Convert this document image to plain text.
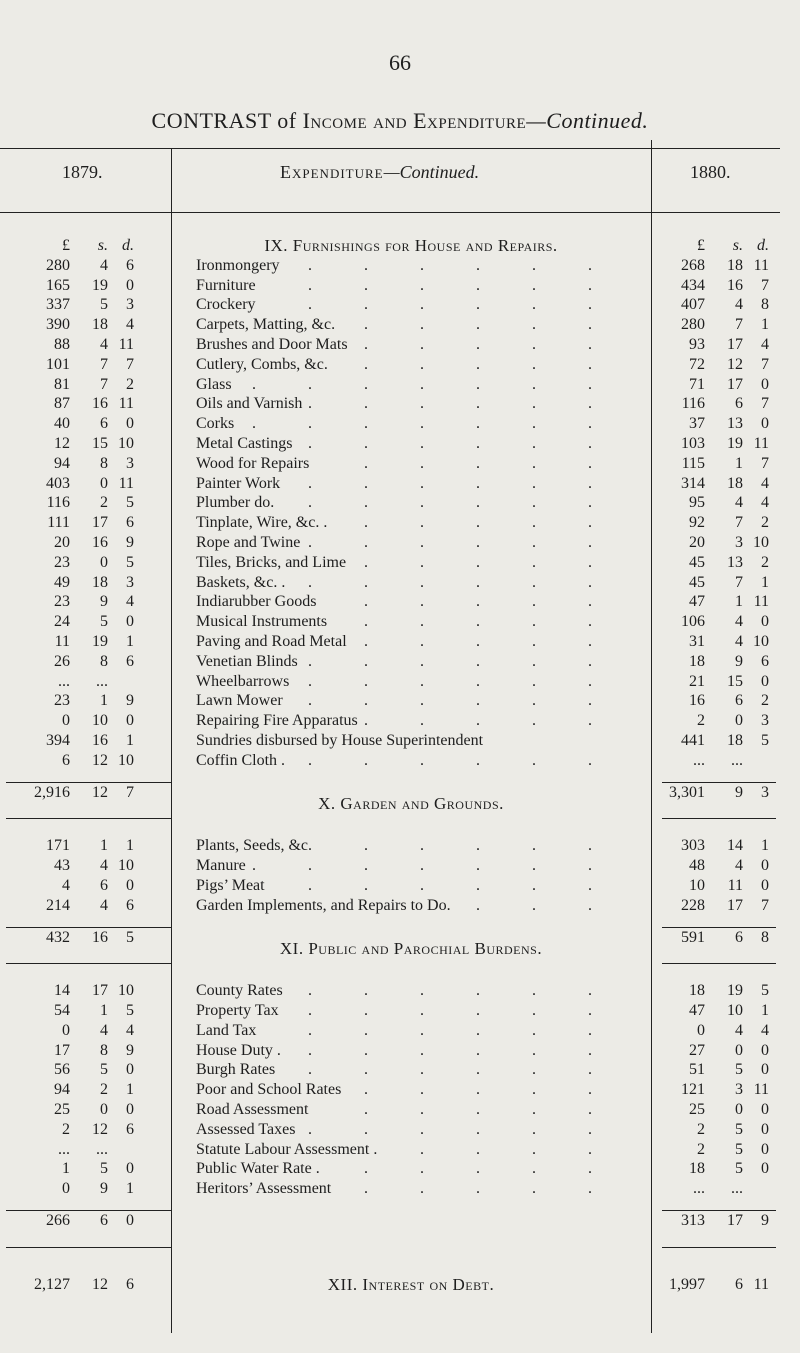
66
CONTRAST of Income and Expenditure—Continued.
1879.	Expenditure—Continued.	1880.
£	s. d.	£	s. d.
IX. Furnishings for House and Repairs.
280	4	6	Ironmongery . . .	268	18 11
165	19	0	Furniture . . .	434	16	7
337	5	3	Crockery . . .	407	4	8
390	18	4	Carpets, Matting, &c. . . .	280	7	1
88	4 11	Brushes and Door Mats . . .	93	17	4
101	7	7	Cutlery, Combs, &c. . . .	72	12	7
81	7	2	Glass . . .	71	17	0
87	16 11	Oils and Varnish . . .	116	6	7
40	6	0	Corks . . .	37	13	0
12	15 10	Metal Castings . . .	103	19 11
94	8	3	Wood for Repairs . . .	115	1	7
403	0 11	Painter Work . . .	314	18	4
116	2	5	Plumber do. . . .	95	4	4
111	17	6	Tinplate, Wire, &c. . . . .	92	7	2
20	16	9	Rope and Twine . . .	20	3 10
23	0	5	Tiles, Bricks, and Lime . . .	45	13	2
49	18	3	Baskets, &c. . . . .	45	7	1
23	9	4	Indiarubber Goods . . .	47	1 11
24	5	0	Musical Instruments . . .	106	4	0
11	19	1	Paving and Road Metal . . .	31	4 10
26	8	6	Venetian Blinds . . .	18	9	6
...	...	Wheelbarrows . . .	21	15	0
23	1	9	Lawn Mower . . .	16	6	2
0	10	0	Repairing Fire Apparatus . . .	2	0	3
394	16	1	Sundries disbursed by House Superintendent	441	18	5
6	12 10	Coffin Cloth . . . .	...	...
2,916	12	7	3,301	9	3
X. Garden and Grounds.
171	1	1	Plants, Seeds, &c. . . .	303	14	1
43	4 10	Manure . . .	48	4	0
4	6	0	Pigs’ Meat . . .	10	11	0
214	4	6	Garden Implements, and Repairs to Do. . . .	228	17	7
432	16	5	591	6	8
XI. Public and Parochial Burdens.
14	17 10	County Rates . . .	18	19	5
54	1	5	Property Tax . . .	47	10	1
0	4	4	Land Tax . . .	0	4	4
17	8	9	House Duty . . . .	27	0	0
56	5	0	Burgh Rates . . .	51	5	0
94	2	1	Poor and School Rates . . .	121	3 11
25	0	0	Road Assessment . . .	25	0	0
2	12	6	Assessed Taxes . . .	2	5	0
...	...	Statute Labour Assessment . . . .	2	5	0
1	5	0	Public Water Rate . . . .	18	5	0
0	9	1	Heritors’ Assessment . . .	...	...
266	6	0	313	17	9
XII. Interest on Debt.
2,127	12	6	1,997	6 11
